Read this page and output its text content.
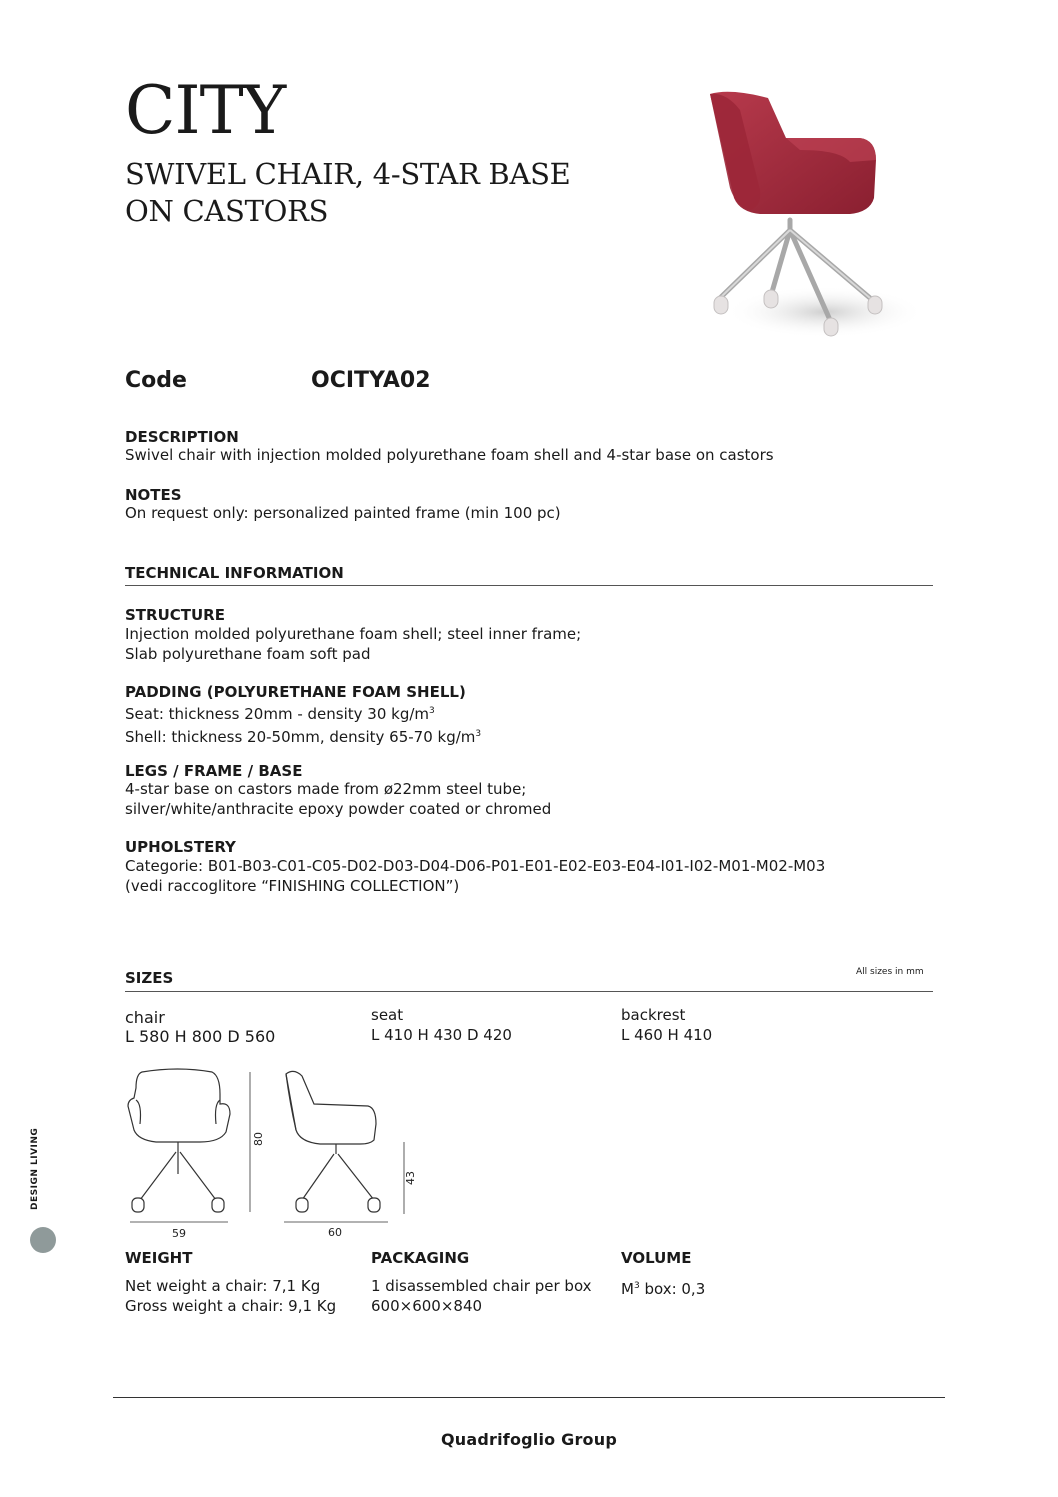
CITY
SWIVEL CHAIR, 4-STAR BASE
ON CASTORS
Code	OCITYA02
DESCRIPTION
Swivel chair with injection molded polyurethane foam shell and 4-star base on castors
NOTES
On request only: personalized painted frame (min 100 pc)
TECHNICAL INFORMATION
STRUCTURE
Injection molded polyurethane foam shell; steel inner frame;
Slab polyurethane foam soft pad
PADDING (POLYURETHANE FOAM SHELL)
Seat: thickness 20mm - density 30 $kg/m^3$
Shell: thickness 20-50mm, density 65-70 $kg/m^3$
LEGS / FRAME / BASE
4-star base on castors made from ø22mm steel tube;
silver/white/anthracite epoxy powder coated or chromed
UPHOLSTERY
Categorie: B01-B03-C01-C05-D02-D03-D04-D06-P01-E01-E02-E03-E04-I01-I02-M01-M02-M03
(vedi raccoglitore “FINISHING COLLECTION”)
SIZES	All sizes in mm
chair
L 580 H 800 D 560
seat
L 410 H 430 D 420
backrest
L 460 H 410
59
80
60
43
WEIGHT
Net weight a chair: 7,1 Kg
Gross weight a chair: 9,1 Kg
PACKAGING
1 disassembled chair per box
600×600×840
VOLUME
$M^3$ box: 0,3
DESIGN LIVING
Quadrifoglio Group
